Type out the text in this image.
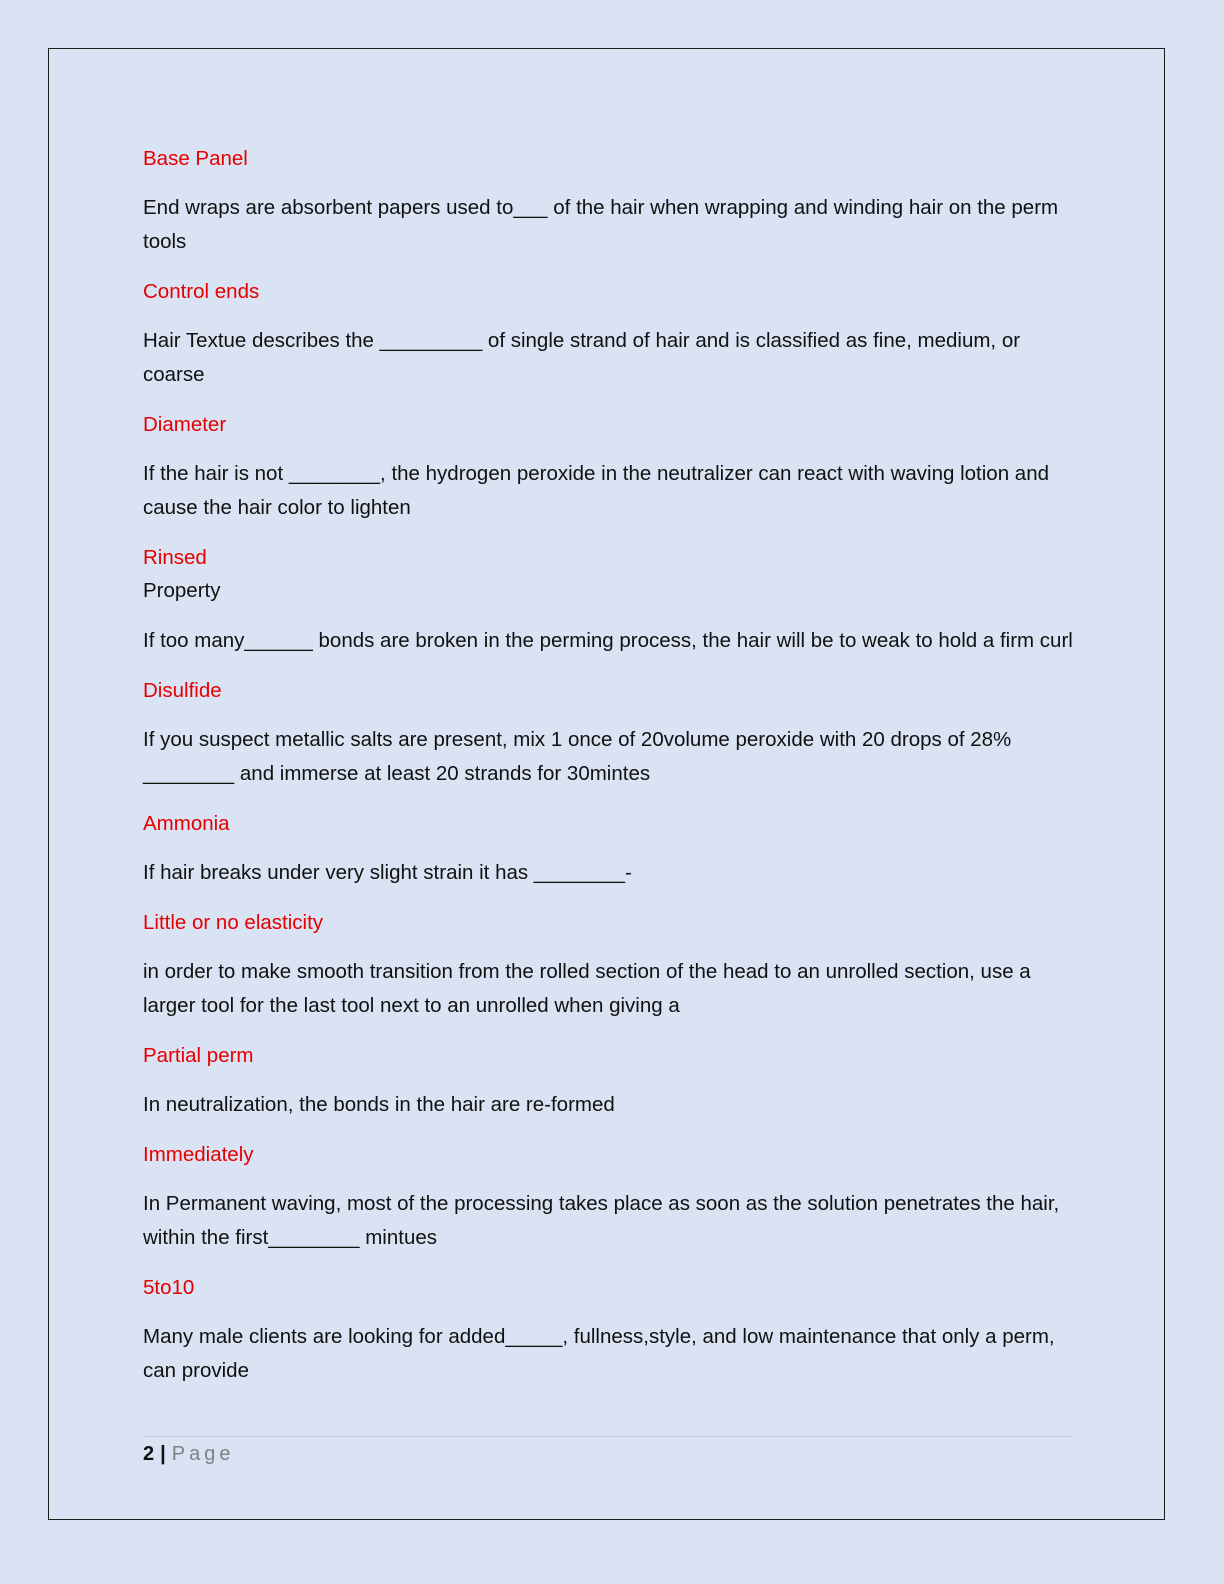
Base Panel

End wraps are absorbent papers used to___ of the hair when wrapping and winding hair on the perm tools

Control ends

Hair Textue describes the _________ of single strand of hair and is classified as fine, medium, or coarse

Diameter

If the hair is not ________, the hydrogen peroxide in the neutralizer can react with waving lotion and cause the hair color to lighten

Rinsed

Property

If too many______ bonds are broken in the perming process, the hair will be to weak to hold a firm curl

Disulfide

If you suspect metallic salts are present, mix 1 once of 20volume peroxide with 20 drops of 28% ________ and immerse at least 20 strands for 30mintes

Ammonia

If hair breaks under very slight strain it has ________-

Little or no elasticity

in order to make smooth transition from the rolled section of the head to an unrolled section, use a larger tool for the last tool next to an unrolled when giving a

Partial perm

In neutralization, the bonds in the hair are re-formed

Immediately

In Permanent waving, most of the processing takes place as soon as the solution penetrates the hair, within the first________ mintues

5to10

Many male clients are looking for added_____, fullness,style, and low maintenance that only a perm, can provide

2 | Page
